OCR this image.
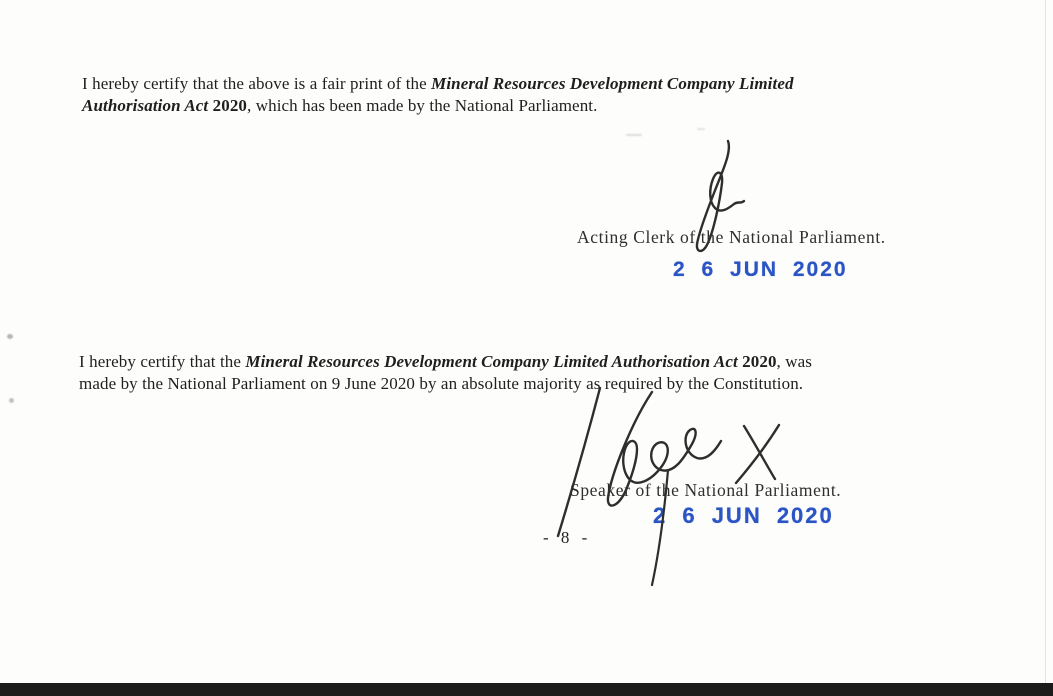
I hereby certify that the above is a fair print of the Mineral Resources Development Company Limited
Authorisation Act 2020, which has been made by the National Parliament.

Acting Clerk of the National Parliament.
2 6 JUN 2020

I hereby certify that the Mineral Resources Development Company Limited Authorisation Act 2020, was
made by the National Parliament on 9 June 2020 by an absolute majority as required by the Constitution.

2 6 JUN 2020
Speaker of the National Parliament.
- 8 -
